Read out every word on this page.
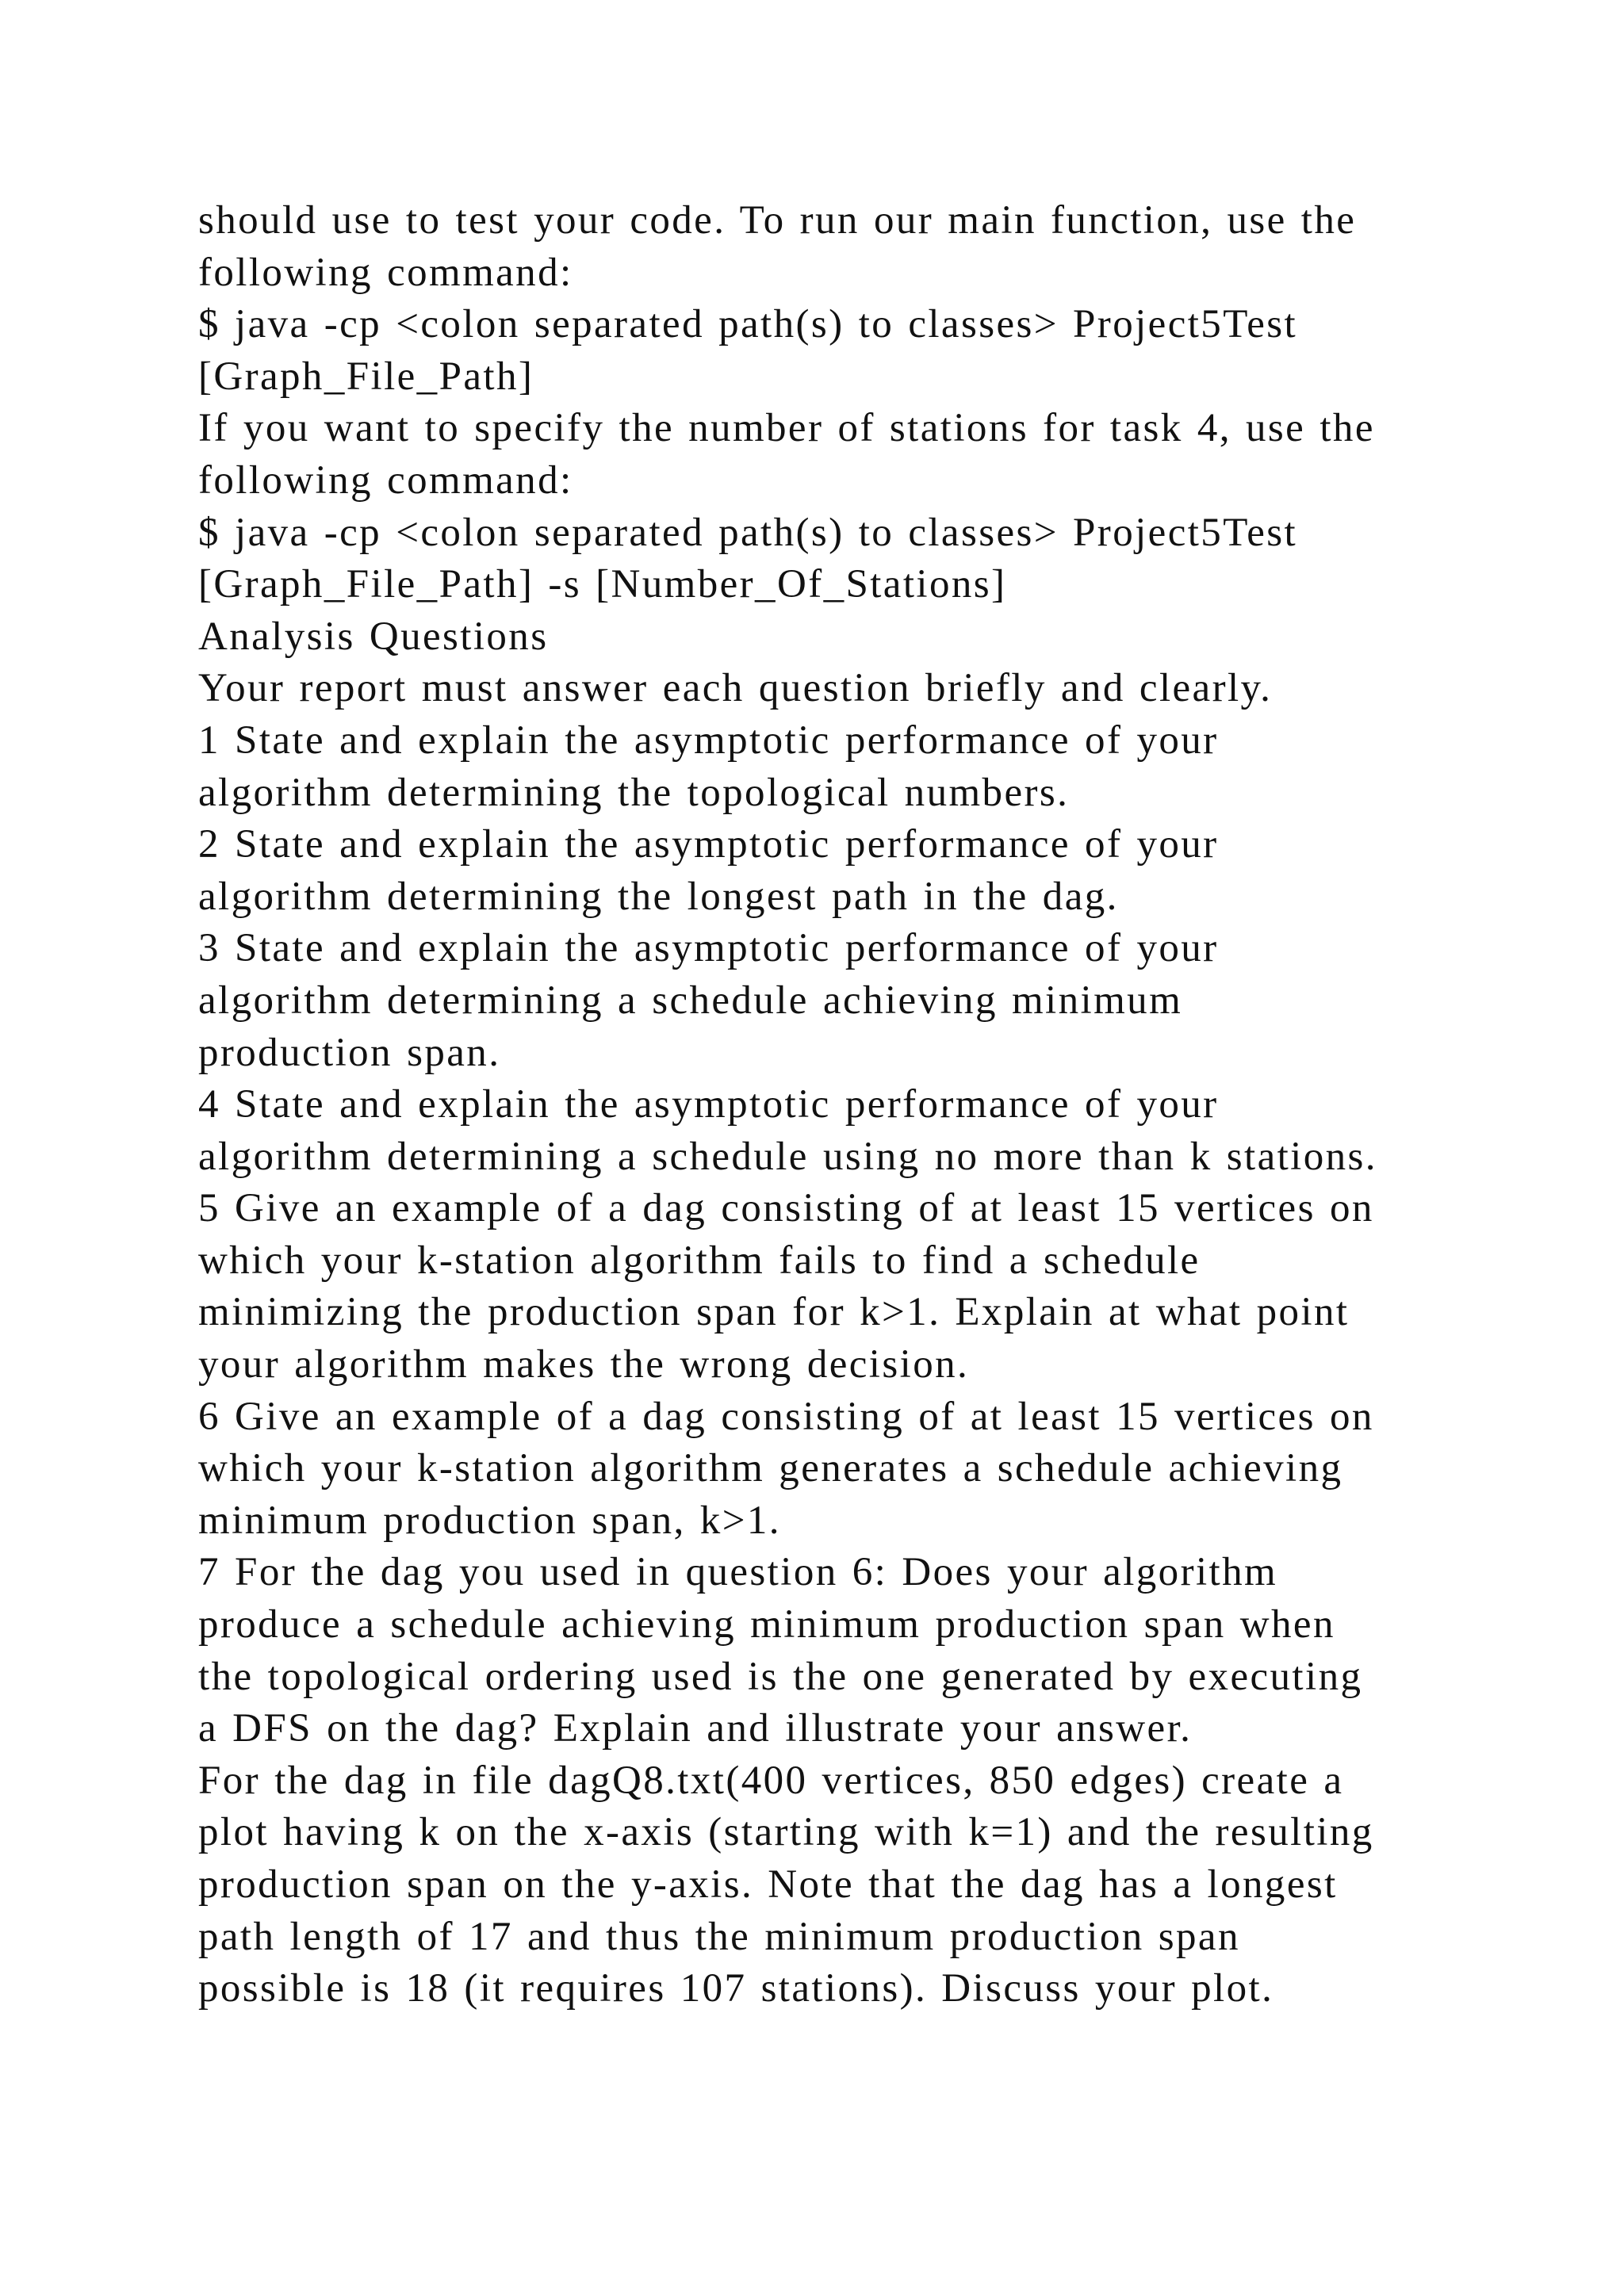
should use to test your code. To run our main function, use the
following command:
$ java -cp <colon separated path(s) to classes> Project5Test
[Graph_File_Path]
If you want to specify the number of stations for task 4, use the
following command:
$ java -cp <colon separated path(s) to classes> Project5Test
[Graph_File_Path] -s [Number_Of_Stations]
Analysis Questions
Your report must answer each question briefly and clearly.
1 State and explain the asymptotic performance of your
algorithm determining the topological numbers.
2 State and explain the asymptotic performance of your
algorithm determining the longest path in the dag.
3 State and explain the asymptotic performance of your
algorithm determining a schedule achieving minimum
production span.
4 State and explain the asymptotic performance of your
algorithm determining a schedule using no more than k stations.
5 Give an example of a dag consisting of at least 15 vertices on
which your k-station algorithm fails to find a schedule
minimizing the production span for k>1. Explain at what point
your algorithm makes the wrong decision.
6 Give an example of a dag consisting of at least 15 vertices on
which your k-station algorithm generates a schedule achieving
minimum production span, k>1.
7 For the dag you used in question 6: Does your algorithm
produce a schedule achieving minimum production span when
the topological ordering used is the one generated by executing
a DFS on the dag? Explain and illustrate your answer.
For the dag in file dagQ8.txt(400 vertices, 850 edges) create a
plot having k on the x-axis (starting with k=1) and the resulting
production span on the y-axis. Note that the dag has a longest
path length of 17 and thus the minimum production span
possible is 18 (it requires 107 stations). Discuss your plot.
